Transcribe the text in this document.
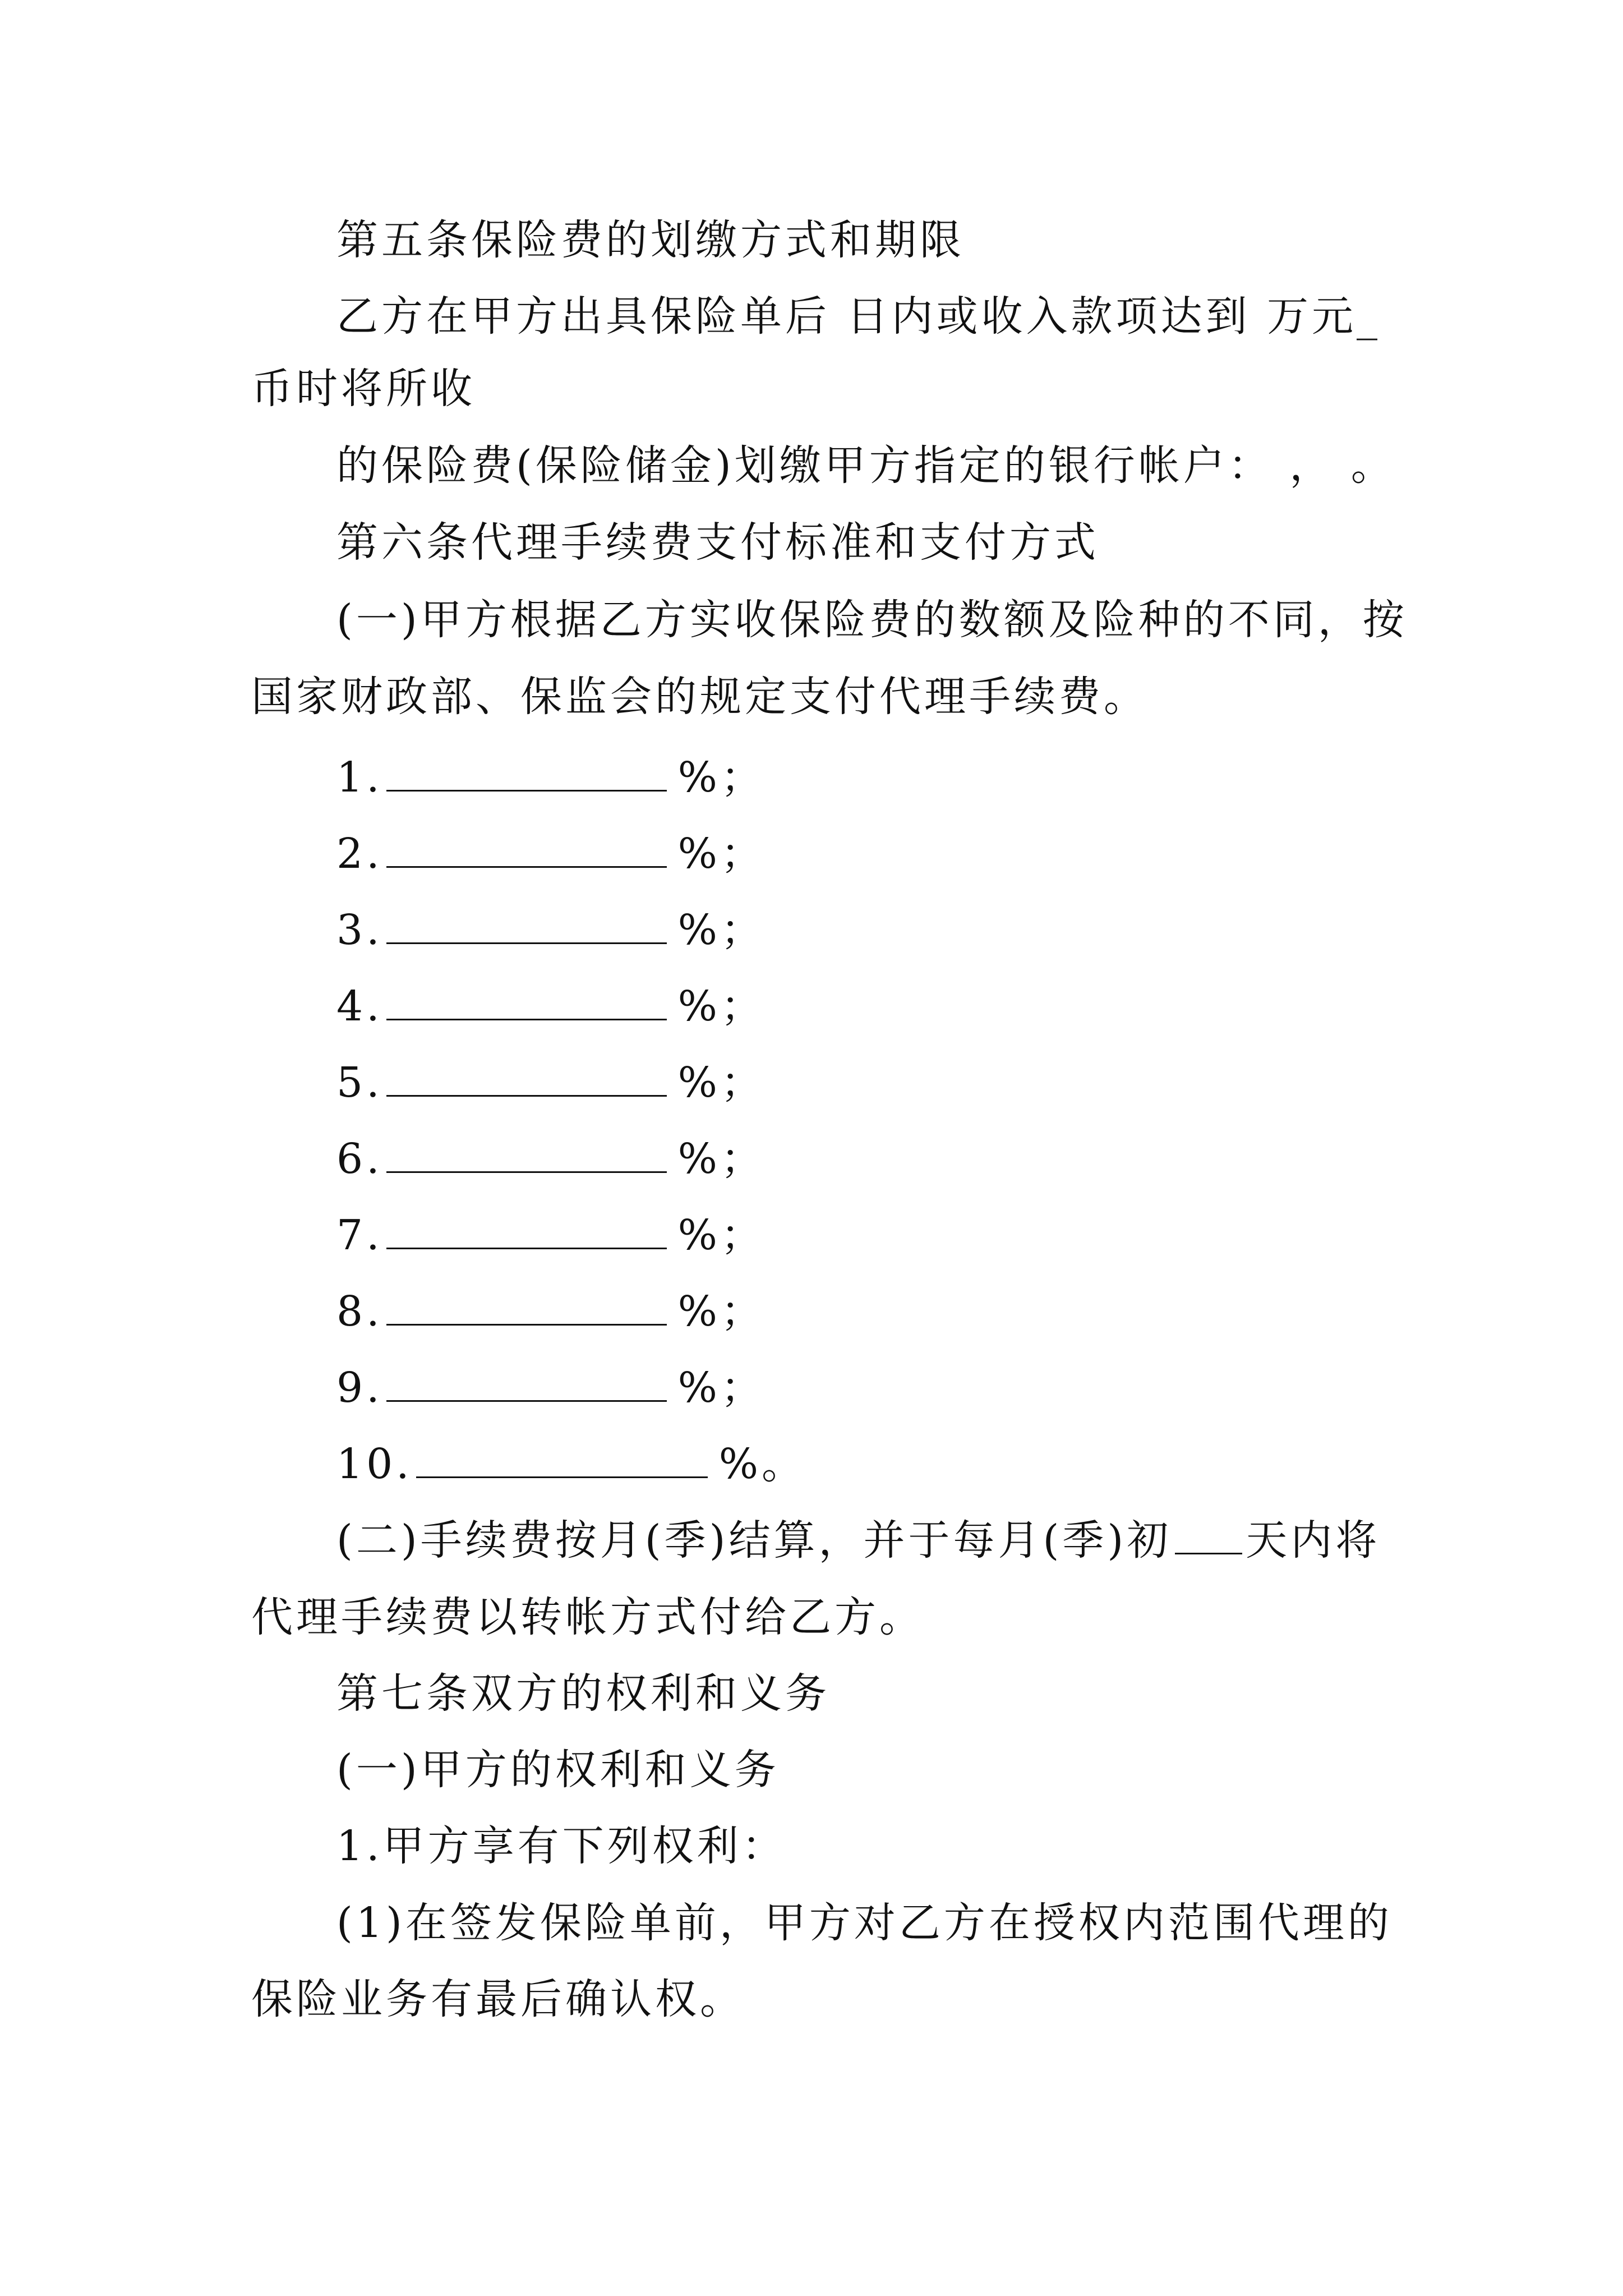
第五条保险费的划缴方式和期限
乙方在甲方出具保险单后 日内或收入款项达到 万元_
币时将所收
的保险费(保险储金)划缴甲方指定的银行帐户： ， 。
第六条代理手续费支付标准和支付方式
(一)甲方根据乙方实收保险费的数额及险种的不同，按
国家财政部、保监会的规定支付代理手续费。
1.	%；
2.	%；
3.	%；
4.	%；
5.	%；
6.	%；
7.	%；
8.	%；
9.	%；
10.	%。
(二)手续费按月(季)结算，并于每月(季)初 天内将
代理手续费以转帐方式付给乙方。
第七条双方的权利和义务
(一)甲方的权利和义务
1.甲方享有下列权利：
(1)在签发保险单前，甲方对乙方在授权内范围代理的
保险业务有最后确认权。
